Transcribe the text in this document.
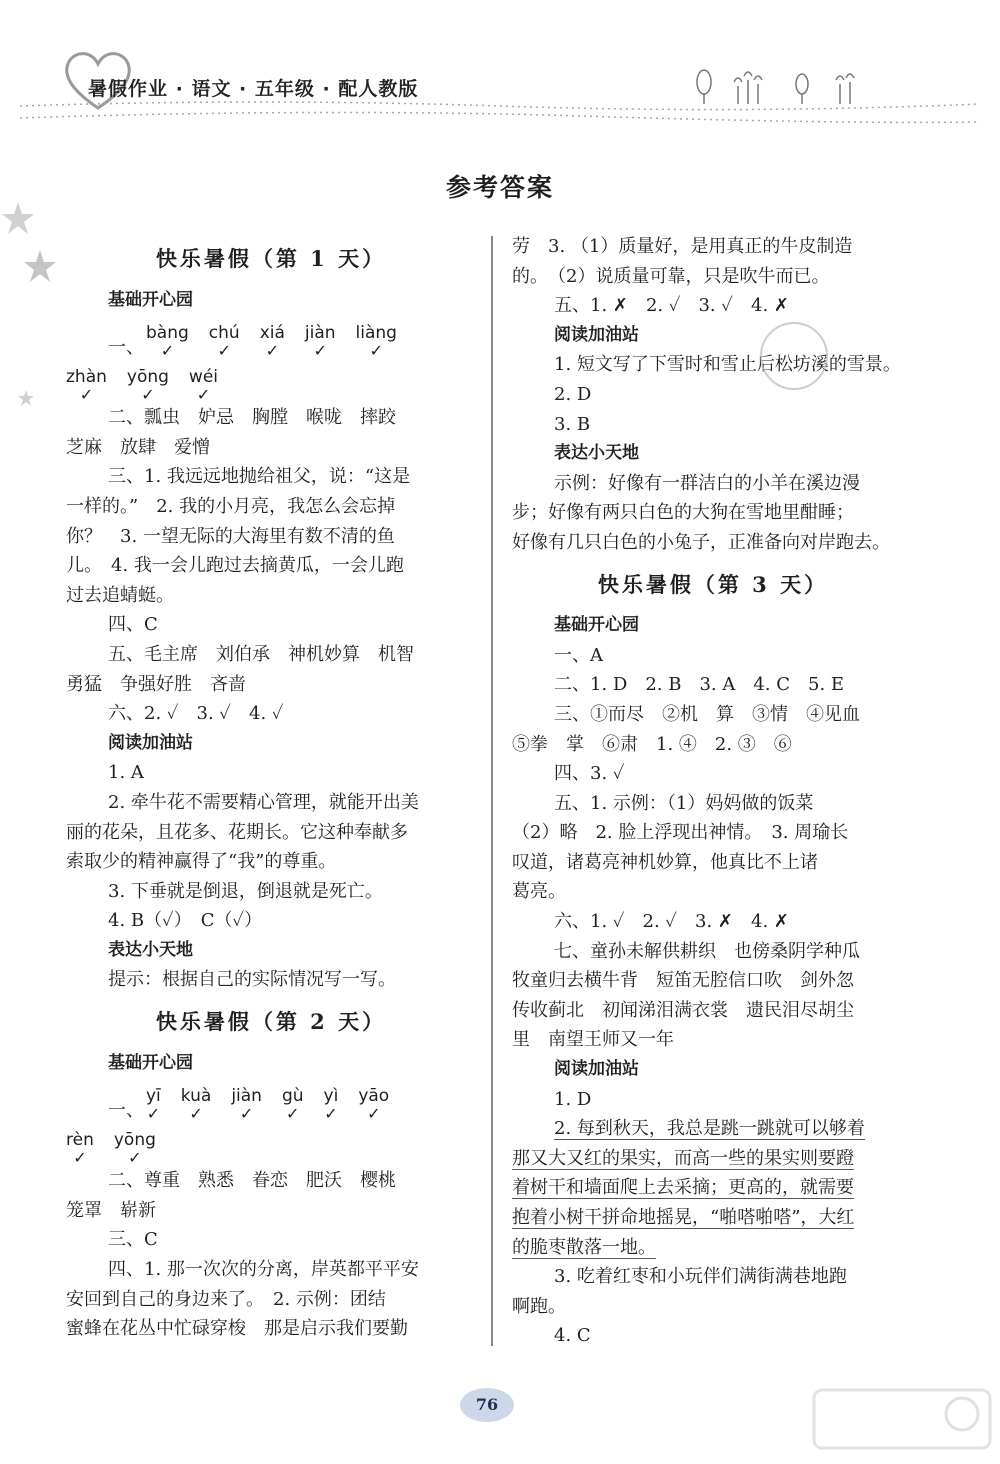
暑假作业 · 语文 · 五年级 · 配人教版
参考答案
快乐暑假（第 1 天）
基础开心园
一、
bàng
✓
chú
✓
xiá
✓
jiàn
✓
liàng
✓
zhàn
✓
yōng
✓
wéi
✓
二、瓢虫　妒忌　胸膛　喉咙　摔跤
芝麻　放肆　爱憎
三、1. 我远远地抛给祖父，说：“这是
一样的。”　2. 我的小月亮，我怎么会忘掉
你？　3. 一望无际的大海里有数不清的鱼
儿。　4. 我一会儿跑过去摘黄瓜，一会儿跑
过去追蜻蜓。
四、C
五、毛主席　刘伯承　神机妙算　机智
勇猛　争强好胜　吝啬
六、2. ✓　3. ✓　4. ✓
阅读加油站
1. A
2. 牵牛花不需要精心管理，就能开出美
丽的花朵，且花多、花期长。它这种奉献多
索取少的精神赢得了“我”的尊重。
3. 下垂就是倒退，倒退就是死亡。
4. B（✓）　C（✓）
表达小天地
提示：根据自己的实际情况写一写。
快乐暑假（第 2 天）
基础开心园
一、
yī
✓
kuà
✓
jiàn
✓
gù
✓
yì
✓
yāo
✓
rèn
✓
yōng
✓
二、尊重　熟悉　眷恋　肥沃　樱桃
笼罩　崭新
三、C
四、1. 那一次次的分离，岸英都平平安
安回到自己的身边来了。　2. 示例：团结
蜜蜂在花丛中忙碌穿梭　那是启示我们要勤
劳　3. （1）质量好，是用真正的牛皮制造
的。　（2）说质量可靠，只是吹牛而已。
五、1. ✗　2. ✓　3. ✓　4. ✗
阅读加油站
1. 短文写了下雪时和雪止后松坊溪的雪景。
2. D
3. B
表达小天地
示例：好像有一群洁白的小羊在溪边漫
步；好像有两只白色的大狗在雪地里酣睡；
好像有几只白色的小兔子，正准备向对岸跑去。
快乐暑假（第 3 天）
基础开心园
一、A
二、1. D　2. B　3. A　4. C　5. E
三、①而尽　②机　算　③情　④见血
⑤拳　掌　⑥肃　1. ④　2. ③　⑥
四、3. ✓
五、1. 示例：（1）妈妈做的饭菜
（2）略　2. 脸上浮现出神情。　3. 周瑜长
叹道，诸葛亮神机妙算，他真比不上诸
葛亮。
六、1. ✓　2. ✓　3. ✗　4. ✗
七、童孙未解供耕织　也傍桑阴学种瓜
牧童归去横牛背　短笛无腔信口吹　剑外忽
传收蓟北　初闻涕泪满衣裳　遗民泪尽胡尘
里　南望王师又一年
阅读加油站
1. D
2. 每到秋天，我总是跳一跳就可以够着
那又大又红的果实，而高一些的果实则要蹬
着树干和墙面爬上去采摘；更高的，就需要
抱着小树干拼命地摇晃，“啪嗒啪嗒”，大红
的脆枣散落一地。
3. 吃着红枣和小玩伴们满街满巷地跑
啊跑。
4. C
76
